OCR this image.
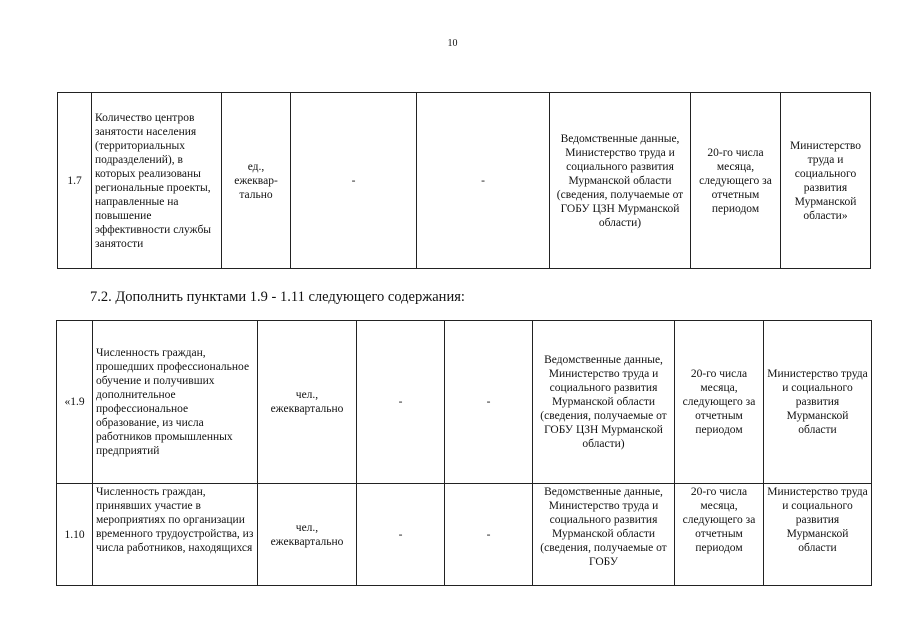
10
1.7	Количество центров занятости населения (территориальных подразделений), в которых реализованы региональные проекты, направленные на повышение эффективности службы занятости	ед., ежеквар-тально	-	-	Ведомственные данные, Министерство труда и социального развития Мурманской области (сведения, получаемые от ГОБУ ЦЗН Мурманской области)	20-го числа месяца, следующего за отчетным периодом	Министерство труда и социального развития Мурманской области»
7.2. Дополнить пунктами 1.9 - 1.11 следующего содержания:
«1.9	Численность граждан, прошедших профессиональное обучение и получивших дополнительное профессиональное образование, из числа работников промышленных предприятий	чел., ежеквартально	-	-	Ведомственные данные, Министерство труда и социального развития Мурманской области (сведения, получаемые от ГОБУ ЦЗН Мурманской области)	20-го числа месяца, следующего за отчетным периодом	Министерство труда и социального развития Мурманской области
1.10	Численность граждан, принявших участие в мероприятиях по организации временного трудоустройства, из числа работников, находящихся	чел., ежеквартально	-	-	Ведомственные данные, Министерство труда и социального развития Мурманской области (сведения, получаемые от ГОБУ	20-го числа месяца, следующего за отчетным периодом	Министерство труда и социального развития Мурманской области
